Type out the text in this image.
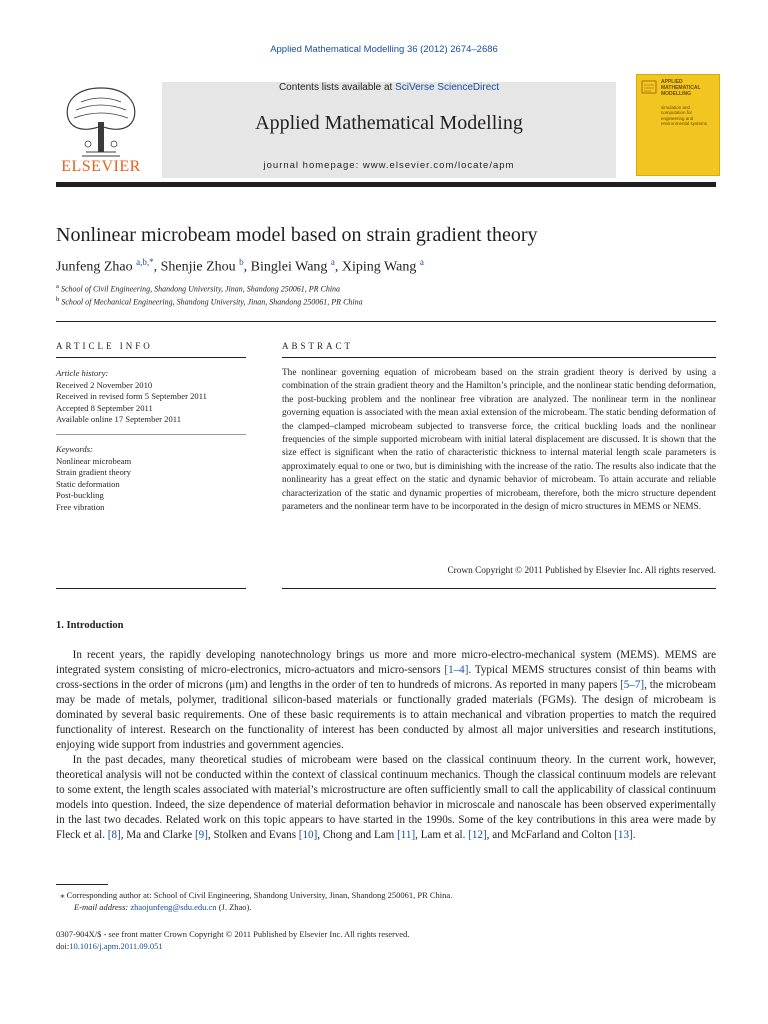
Applied Mathematical Modelling 36 (2012) 2674–2686
ELSEVIER
Contents lists available at SciVerse ScienceDirect
Applied Mathematical Modelling
journal homepage: www.elsevier.com/locate/apm
APPLIED MATHEMATICAL MODELLING
simulation and computation for engineering and environmental systems
Nonlinear microbeam model based on strain gradient theory
Junfeng Zhao $^{a,b,*}$, Shenjie Zhou $^b$, Binglei Wang $^a$, Xiping Wang $^a$
$^a$ School of Civil Engineering, Shandong University, Jinan, Shandong 250061, PR China
$^b$ School of Mechanical Engineering, Shandong University, Jinan, Shandong 250061, PR China
ARTICLE INFO	ABSTRACT
Article history:
Received 2 November 2010
Received in revised form 5 September 2011
Accepted 8 September 2011
Available online 17 September 2011
Keywords:
Nonlinear microbeam
Strain gradient theory
Static deformation
Post-buckling
Free vibration
The nonlinear governing equation of microbeam based on the strain gradient theory is derived by using a combination of the strain gradient theory and the Hamilton’s principle, and the nonlinear static bending deformation, the post-bucking problem and the nonlinear free vibration are analyzed. The nonlinear term in the nonlinear governing equation is associated with the mean axial extension of the microbeam. The static bending deformation of the clamped–clamped microbeam subjected to transverse force, the critical buckling loads and the nonlinear frequencies of the simple supported microbeam with initial lateral displacement are discussed. It is shown that the size effect is significant when the ratio of characteristic thickness to internal material length scale parameters is approximately equal to one or two, but is diminishing with the increase of the ratio. The results also indicate that the nonlinearity has a great effect on the static and dynamic behavior of microbeam. To attain accurate and reliable characterization of the static and dynamic properties of microbeam, therefore, both the micro structure dependent parameters and the nonlinear term have to be incorporated in the design of micro structures in MEMS or NEMS.
Crown Copyright © 2011 Published by Elsevier Inc. All rights reserved.
1. Introduction

In recent years, the rapidly developing nanotechnology brings us more and more micro-electro-mechanical system (MEMS). MEMS are integrated system consisting of micro-electronics, micro-actuators and micro-sensors [1–4]. Typical MEMS structures consist of thin beams with cross-sections in the order of microns (μm) and lengths in the order of ten to hundreds of microns. As reported in many papers [5–7], the microbeam may be made of metals, polymer, traditional silicon-based materials or functionally graded materials (FGMs). The design of microbeam is dominated by several basic requirements. One of these basic requirements is to attain mechanical and vibration properties to match the required functionality of interest. Research on the functionality of interest has been conducted by almost all major universities and research institutions, enjoying wide support from industries and government agencies.

In the past decades, many theoretical studies of microbeam were based on the classical continuum theory. In the current work, however, theoretical analysis will not be conducted within the context of classical continuum mechanics. Though the classical continuum models are relevant to some extent, the length scales associated with material’s microstructure are often sufficiently small to call the applicability of classical continuum models into question. Indeed, the size dependence of material deformation behavior in microscale and nanoscale has been observed experimentally in the last two decades. Related work on this topic appears to have started in the 1990s. Some of the key contributions in this area were made by Fleck et al. [8], Ma and Clarke [9], Stolken and Evans [10], Chong and Lam [11], Lam et al. [12], and McFarland and Colton [13].

⁎ Corresponding author at: School of Civil Engineering, Shandong University, Jinan, Shandong 250061, PR China.
E-mail address: zhaojunfeng@sdu.edu.cn (J. Zhao).
0307-904X/$ - see front matter Crown Copyright © 2011 Published by Elsevier Inc. All rights reserved.
doi:10.1016/j.apm.2011.09.051
